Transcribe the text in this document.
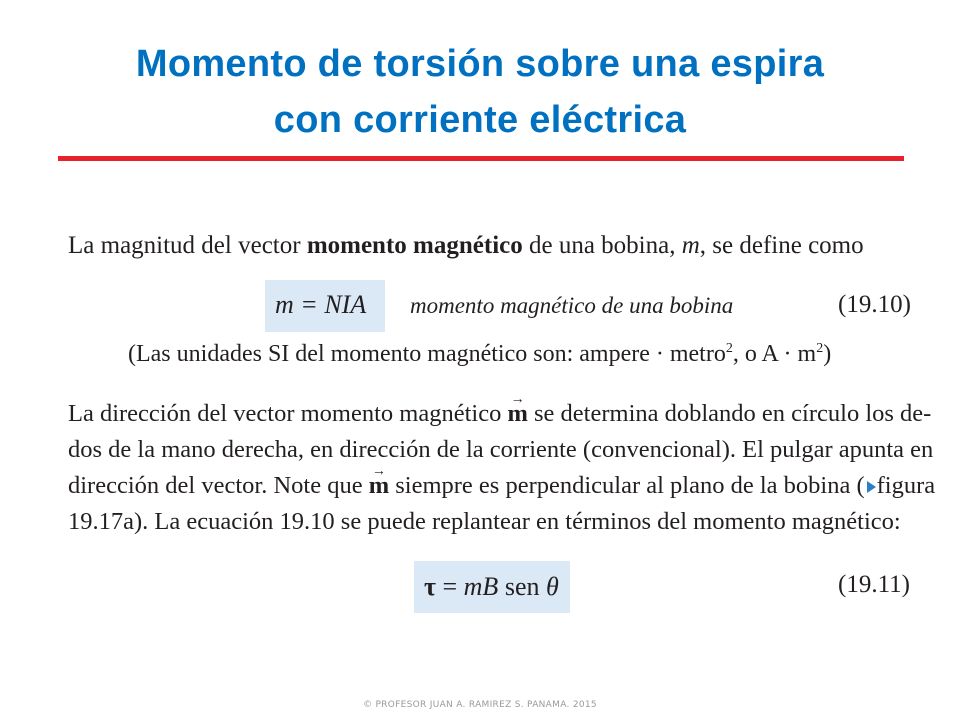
Momento de torsión sobre una espira
con corriente eléctrica
La magnitud del vector momento magnético de una bobina, m, se define como
m = NIA momento magnético de una bobina	(19.10)
(Las unidades SI del momento magnético son: ampere · metro$^2$, o $A \cdot m^2$)
La dirección del vector momento magnético → m se determina doblando en círculo los de-
dos de la mano derecha, en dirección de la corriente (convencional). El pulgar apunta en
dirección del vector. Note que → m siempre es perpendicular al plano de la bobina ( figura
19.17a). La ecuación 19.10 se puede replantear en términos del momento magnético:
τ = mB sen θ	(19.11)
© PROFESOR JUAN A. RAMIREZ S. PANAMA. 2015
